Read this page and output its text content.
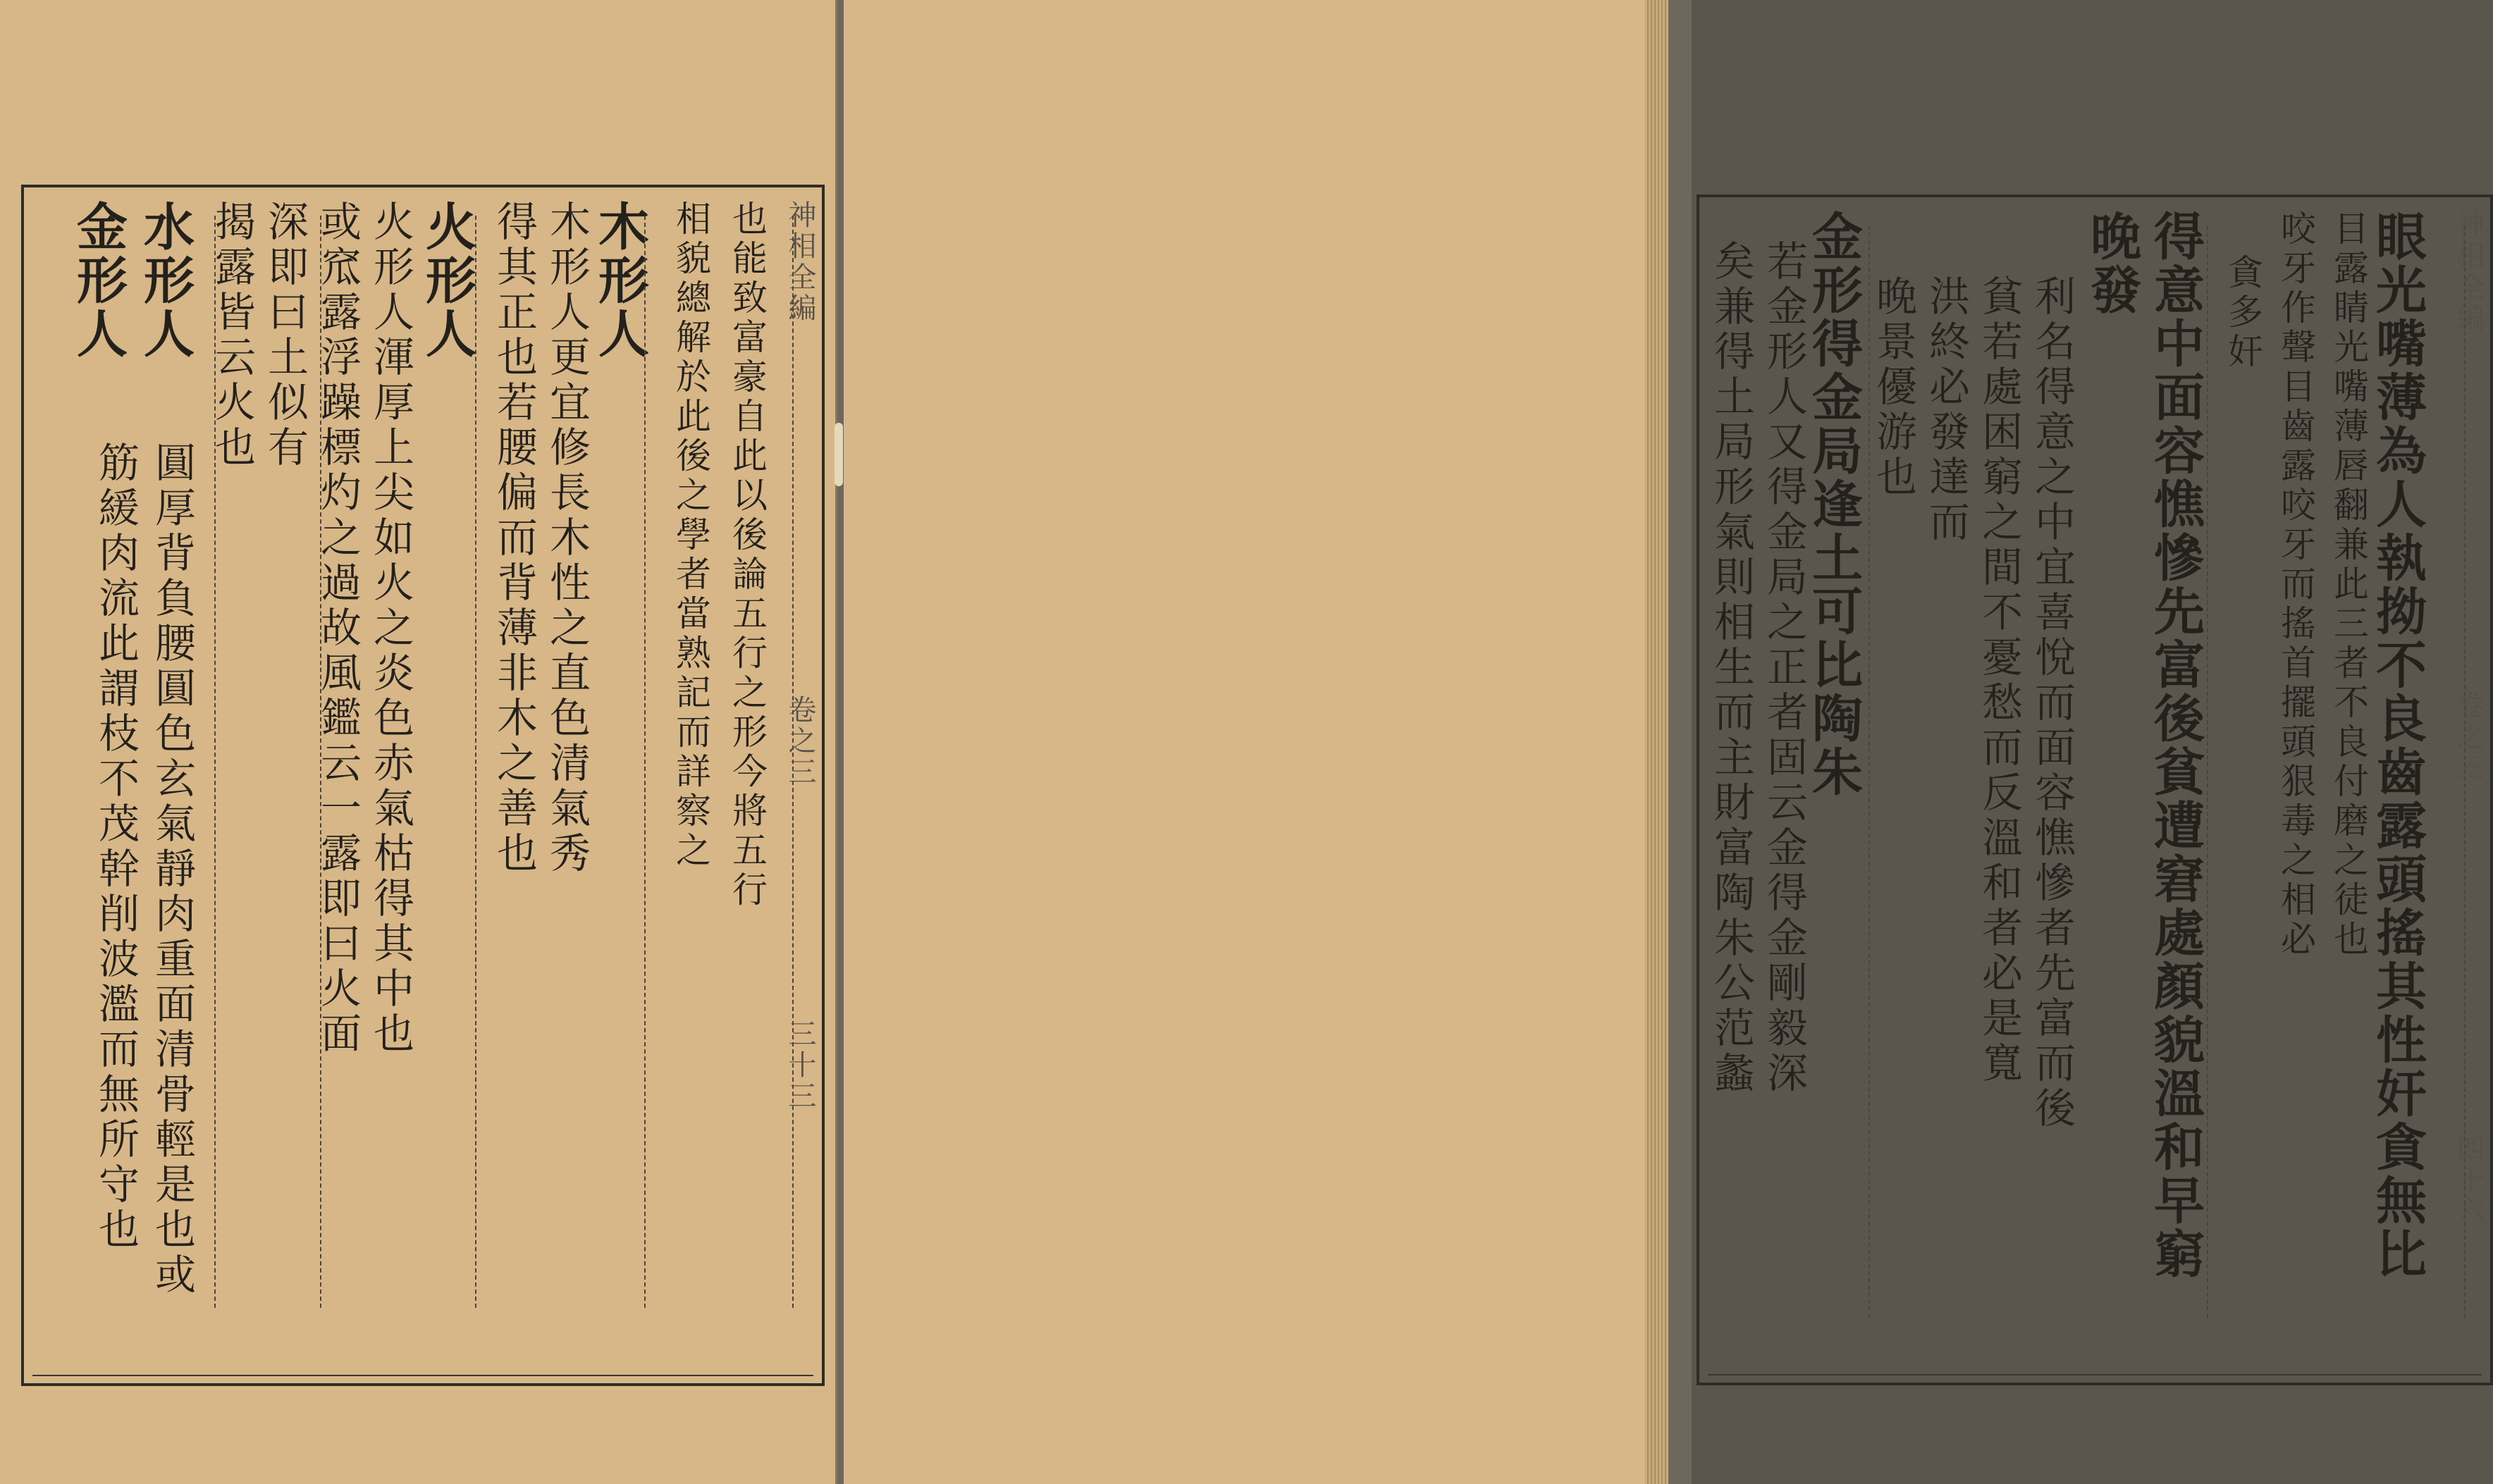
神相全編
卷之三
三十三
也能致富豪自此以後論五行之形今將五行
相貌總解於此後之學者當熟記而詳察之
木形人
木形人更宜修長木性之直色清氣秀
得其正也若腰偏而背薄非木之善也
火形人
火形人渾厚上尖如火之炎色赤氣枯得其中也
或窊露浮躁標灼之過故風鑑云一露即曰火面
深即曰土似有
揭露皆云火也
水形人
金形人
圓厚背負腰圓色玄氣靜肉重面清骨輕是也或
筋緩肉流此謂枝不茂幹削波濫而無所守也
神相全編
卷之三
四十六
眼光嘴薄為人執拗不良齒露頭搖其性奸貪無比
目露睛光嘴薄唇翻兼此三者不良付磨之徒也
咬牙作聲目齒露咬牙而搖首擺頭狠毒之相必
貪多奸
得意中面容憔慘先富後貧遭窘處顏貌溫和早窮
晚發
利名得意之中宜喜悅而面容憔慘者先富而後
貧若處困窮之間不憂愁而反溫和者必是寬
洪終必發達而
晚景優游也
金形得金局逢土可比陶朱
若金形人又得金局之正者固云金得金剛毅深
矣兼得土局形氣則相生而主財富陶朱公范蠡
